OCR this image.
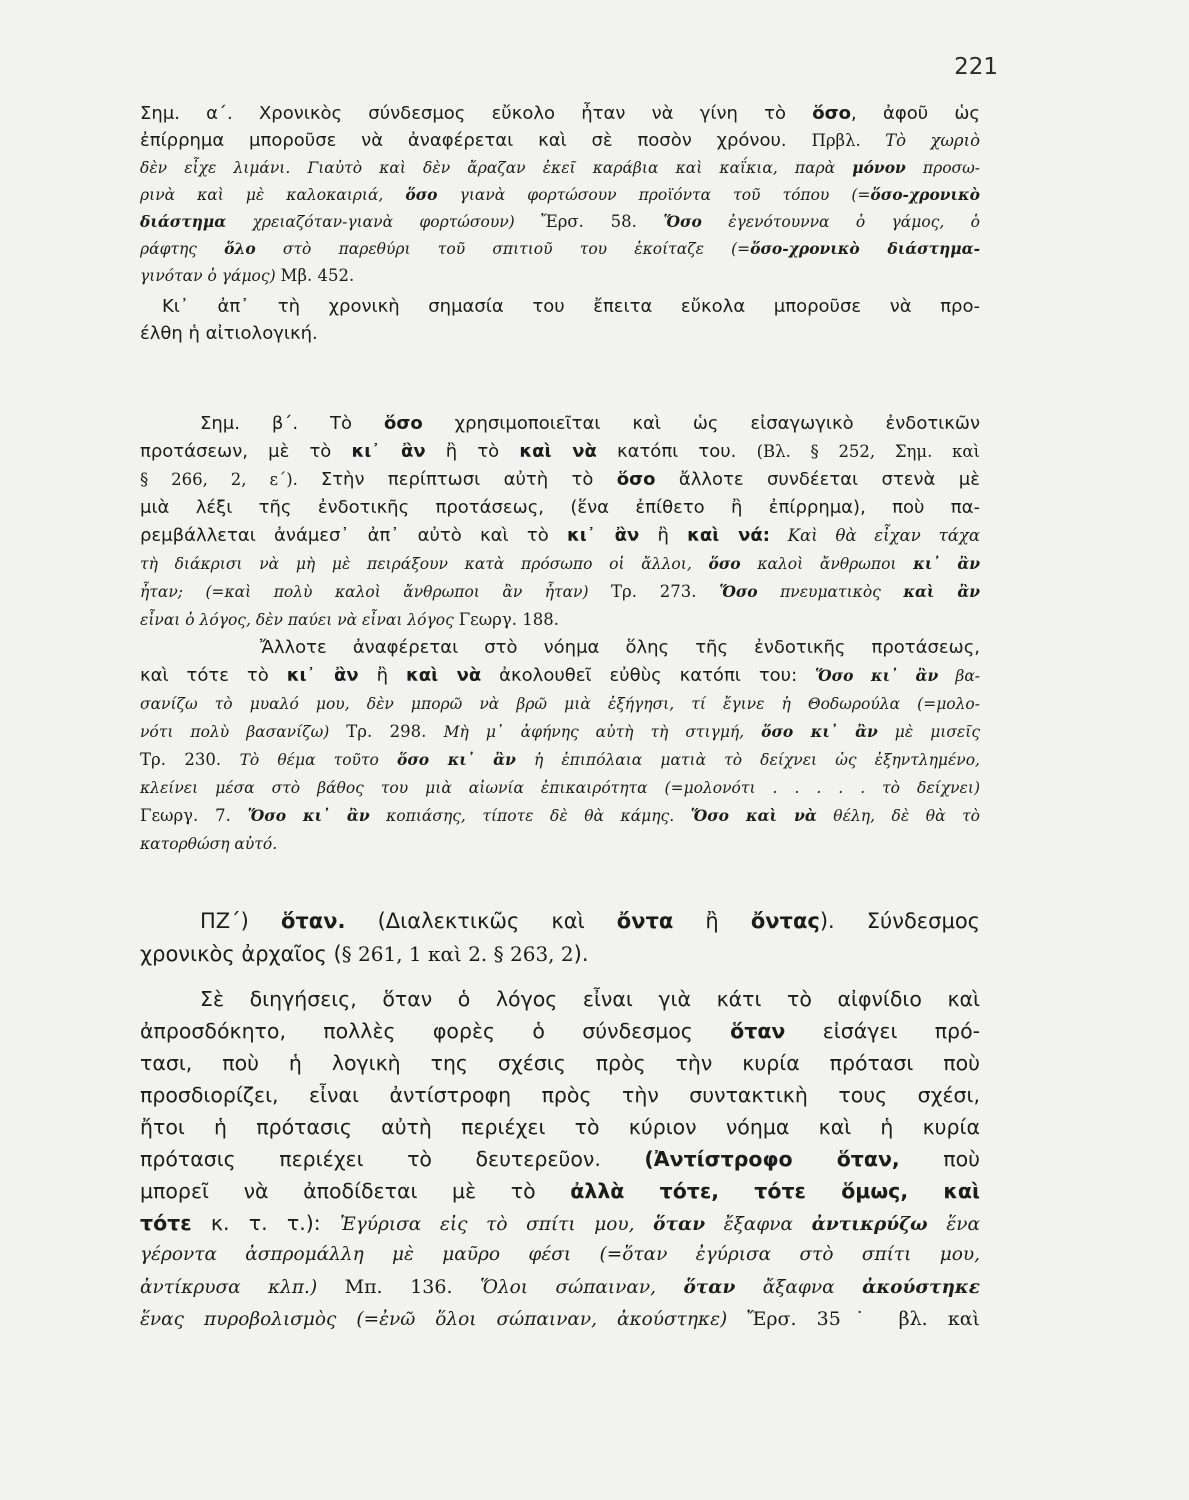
221
Σημ. α΄. Χρονικὸς σύνδεσμος εὔκολο ἦταν νὰ γίνη τὸ ὅσο, ἀφοῦ ὡς
ἐπίρρημα μποροῦσε νὰ ἀναφέρεται καὶ σὲ ποσὸν χρόνου. Πρβλ. Τὸ χωριὸ
δὲν εἶχε λιμάνι. Γιαὐτὸ καὶ δὲν ἄραζαν ἐκεῖ καράβια καὶ καΐκια, παρὰ μόνον προσω-
ρινὰ καὶ μὲ καλοκαιριά, ὅσο γιανὰ φορτώσουν προϊόντα τοῦ τόπου (=ὅσο-χρονικὸ
διάστημα χρειαζόταν-γιανὰ φορτώσουν) Ἔρσ. 58. Ὅσο ἐγενότουννα ὁ γάμος, ὁ
ράφτης ὅλο στὸ παρεθύρι τοῦ σπιτιοῦ του ἐκοίταζε (=ὅσο-χρονικὸ διάστημα-
γινόταν ὁ γάμος) Μβ. 452.
Κι᾿ ἀπ᾿ τὴ χρονικὴ σημασία του ἔπειτα εὔκολα μποροῦσε νὰ προ-
έλθη ἡ αἰτιολογική.
Σημ. β΄. Τὸ ὅσο χρησιμοποιεῖται καὶ ὡς εἰσαγωγικὸ ἐνδοτικῶν
προτάσεων, μὲ τὸ κι᾿ ἂν ἢ τὸ καὶ νὰ κατόπι του. (Βλ. § 252, Σημ. καὶ
§ 266, 2, ε΄). Στὴν περίπτωσι αὐτὴ τὸ ὅσο ἄλλοτε συνδέεται στενὰ μὲ
μιὰ λέξι τῆς ἐνδοτικῆς προτάσεως, (ἕνα ἐπίθετο ἢ ἐπίρρημα), ποὺ πα-
ρεμβάλλεται ἀνάμεσ᾿ ἀπ᾿ αὐτὸ καὶ τὸ κι᾿ ἂν ἢ καὶ νά: Καὶ θὰ εἶχαν τάχα
τὴ διάκρισι νὰ μὴ μὲ πειράξουν κατὰ πρόσωπο οἱ ἄλλοι, ὅσο καλοὶ ἄνθρωποι κι᾿ ἂν
ἦταν; (=καὶ πολὺ καλοὶ ἄνθρωποι ἂν ἦταν) Τρ. 273. Ὅσο πνευματικὸς καὶ ἂν
εἶναι ὁ λόγος, δὲν παύει νὰ εἶναι λόγος Γεωργ. 188.
Ἄλλοτε ἀναφέρεται στὸ νόημα ὅλης τῆς ἐνδοτικῆς προτάσεως,
καὶ τότε τὸ κι᾿ ἂν ἢ καὶ νὰ ἀκολουθεῖ εὐθὺς κατόπι του: Ὅσο κι᾿ ἂν βα-
σανίζω τὸ μυαλό μου, δὲν μπορῶ νὰ βρῶ μιὰ ἐξήγησι, τί ἔγινε ἡ Θοδωρούλα (=μολο-
νότι πολὺ βασανίζω) Τρ. 298. Μὴ μ᾿ ἀφήνης αὐτὴ τὴ στιγμή, ὅσο κι᾿ ἂν μὲ μισεῖς
Τρ. 230. Τὸ θέμα τοῦτο ὅσο κι᾿ ἂν ἡ ἐπιπόλαια ματιὰ τὸ δείχνει ὡς ἐξηντλημένο,
κλείνει μέσα στὸ βάθος του μιὰ αἰωνία ἐπικαιρότητα (=μολονότι . . . . . τὸ δείχνει)
Γεωργ. 7. Ὅσο κι᾿ ἂν κοπιάσης, τίποτε δὲ θὰ κάμης. Ὅσο καὶ νὰ θέλη, δὲ θὰ τὸ
κατορθώση αὐτό.
ΠΖ΄) ὅταν. (Διαλεκτικῶς καὶ ὄντα ἢ ὄντας). Σύνδεσμος
χρονικὸς ἀρχαῖος (§ 261, 1 καὶ 2. § 263, 2).
Σὲ διηγήσεις, ὅταν ὁ λόγος εἶναι γιὰ κάτι τὸ αἰφνίδιο καὶ
ἀπροσδόκητο, πολλὲς φορὲς ὁ σύνδεσμος ὅταν εἰσάγει πρό-
τασι, ποὺ ἡ λογικὴ της σχέσις πρὸς τὴν κυρία πρότασι ποὺ
προσδιορίζει, εἶναι ἀντίστροφη πρὸς τὴν συντακτικὴ τους σχέσι,
ἤτοι ἡ πρότασις αὐτὴ περιέχει τὸ κύριον νόημα καὶ ἡ κυρία
πρότασις περιέχει τὸ δευτερεῦον. (Ἀντίστροφο ὅταν, ποὺ
μπορεῖ νὰ ἀποδίδεται μὲ τὸ ἀλλὰ τότε, τότε ὅμως, καὶ
τότε κ. τ. τ.): Ἐγύρισα εἰς τὸ σπίτι μου, ὅταν ἔξαφνα ἀντικρύζω ἕνα
γέροντα ἀσπρομάλλη μὲ μαῦρο φέσι (=ὅταν ἐγύρισα στὸ σπίτι μου,
ἀντίκρυσα κλπ.) Μπ. 136. Ὅλοι σώπαιναν, ὅταν ἄξαφνα ἀκούστηκε
ἕνας πυροβολισμὸς (=ἐνῶ ὅλοι σώπαιναν, ἀκούστηκε) Ἔρσ. 35˙ βλ. καὶ
